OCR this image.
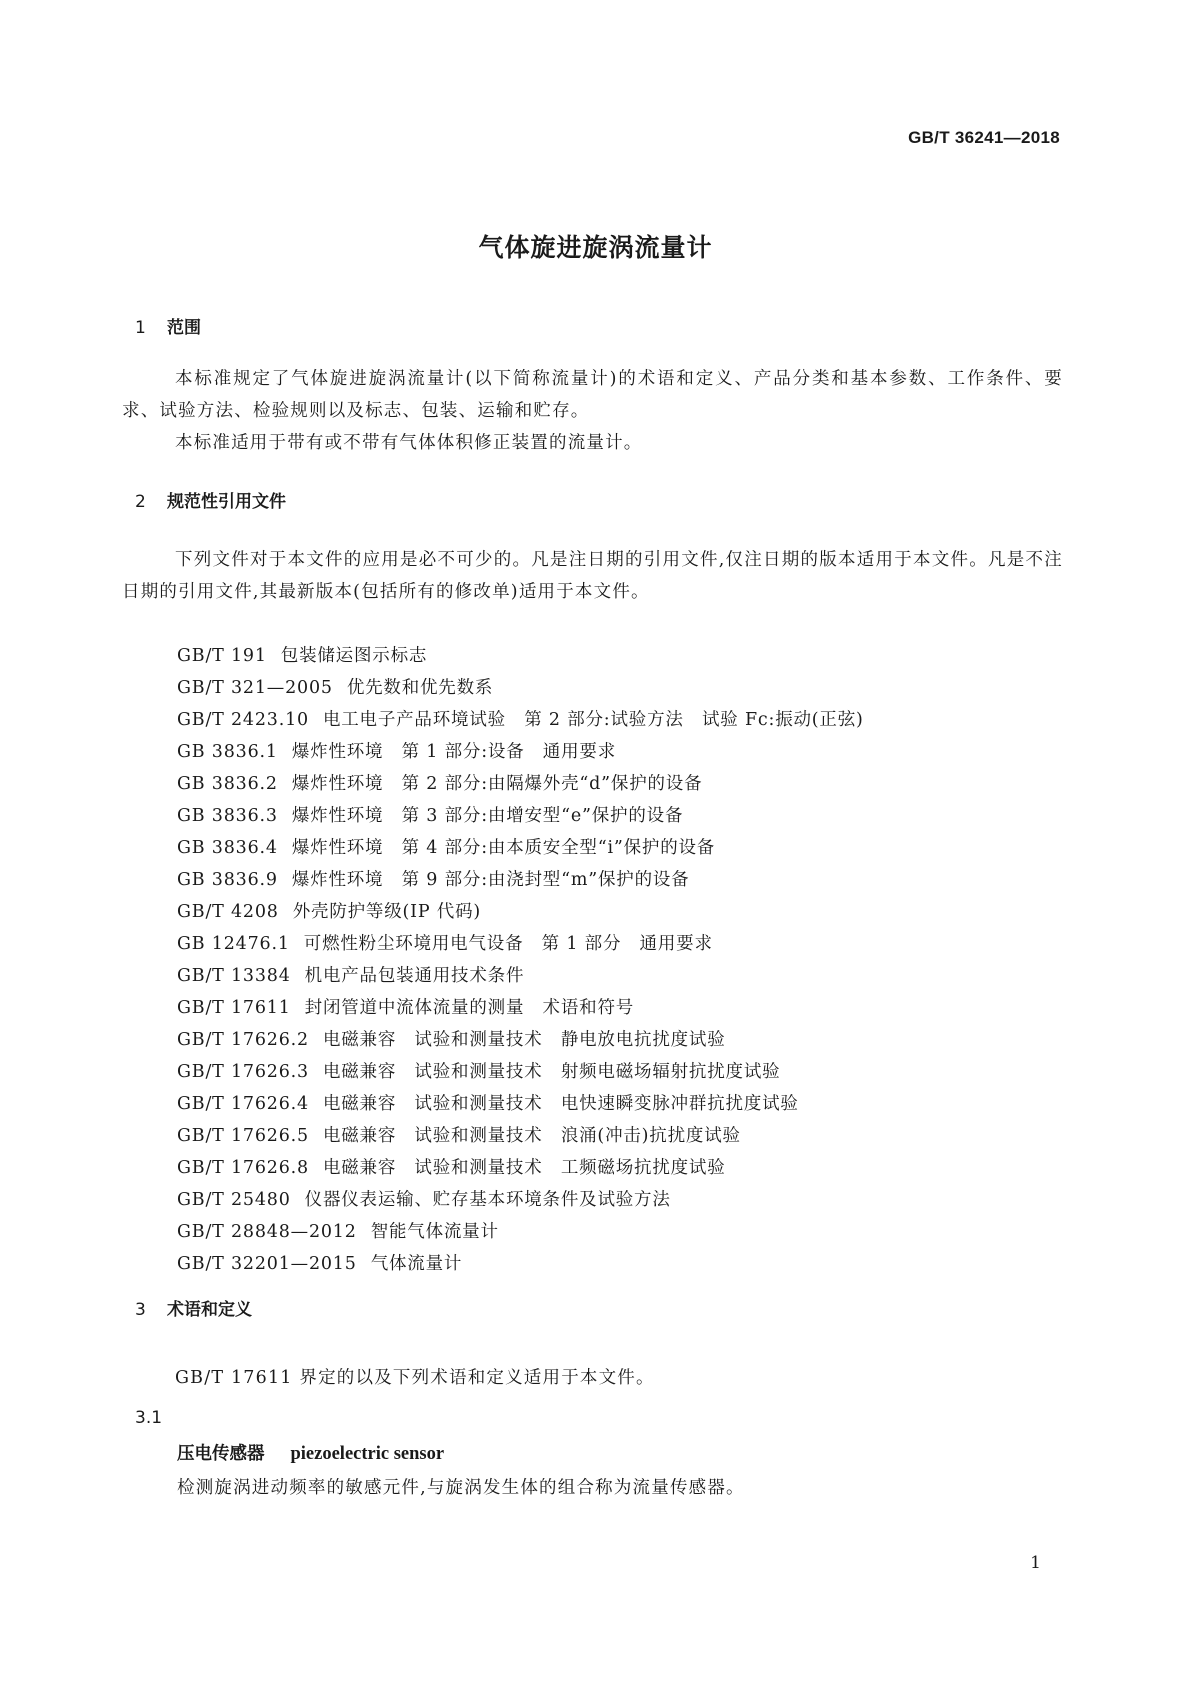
GB/T 36241—2018
气体旋进旋涡流量计
1 范围
本标准规定了气体旋进旋涡流量计(以下简称流量计)的术语和定义、产品分类和基本参数、工作条件、要求、试验方法、检验规则以及标志、包装、运输和贮存。
本标准适用于带有或不带有气体体积修正装置的流量计。
2 规范性引用文件
下列文件对于本文件的应用是必不可少的。凡是注日期的引用文件,仅注日期的版本适用于本文件。凡是不注日期的引用文件,其最新版本(包括所有的修改单)适用于本文件。
GB/T 191 包装储运图示标志
GB/T 321—2005 优先数和优先数系
GB/T 2423.10 电工电子产品环境试验　第 2 部分:试验方法　试验 Fc:振动(正弦)
GB 3836.1 爆炸性环境　第 1 部分:设备　通用要求
GB 3836.2 爆炸性环境　第 2 部分:由隔爆外壳“d”保护的设备
GB 3836.3 爆炸性环境　第 3 部分:由增安型“e”保护的设备
GB 3836.4 爆炸性环境　第 4 部分:由本质安全型“i”保护的设备
GB 3836.9 爆炸性环境　第 9 部分:由浇封型“m”保护的设备
GB/T 4208 外壳防护等级(IP 代码)
GB 12476.1 可燃性粉尘环境用电气设备　第 1 部分　通用要求
GB/T 13384 机电产品包装通用技术条件
GB/T 17611 封闭管道中流体流量的测量　术语和符号
GB/T 17626.2 电磁兼容　试验和测量技术　静电放电抗扰度试验
GB/T 17626.3 电磁兼容　试验和测量技术　射频电磁场辐射抗扰度试验
GB/T 17626.4 电磁兼容　试验和测量技术　电快速瞬变脉冲群抗扰度试验
GB/T 17626.5 电磁兼容　试验和测量技术　浪涌(冲击)抗扰度试验
GB/T 17626.8 电磁兼容　试验和测量技术　工频磁场抗扰度试验
GB/T 25480 仪器仪表运输、贮存基本环境条件及试验方法
GB/T 28848—2012 智能气体流量计
GB/T 32201—2015 气体流量计
3 术语和定义
GB/T 17611 界定的以及下列术语和定义适用于本文件。
3.1
压电传感器 piezoelectric sensor
检测旋涡进动频率的敏感元件,与旋涡发生体的组合称为流量传感器。
1
